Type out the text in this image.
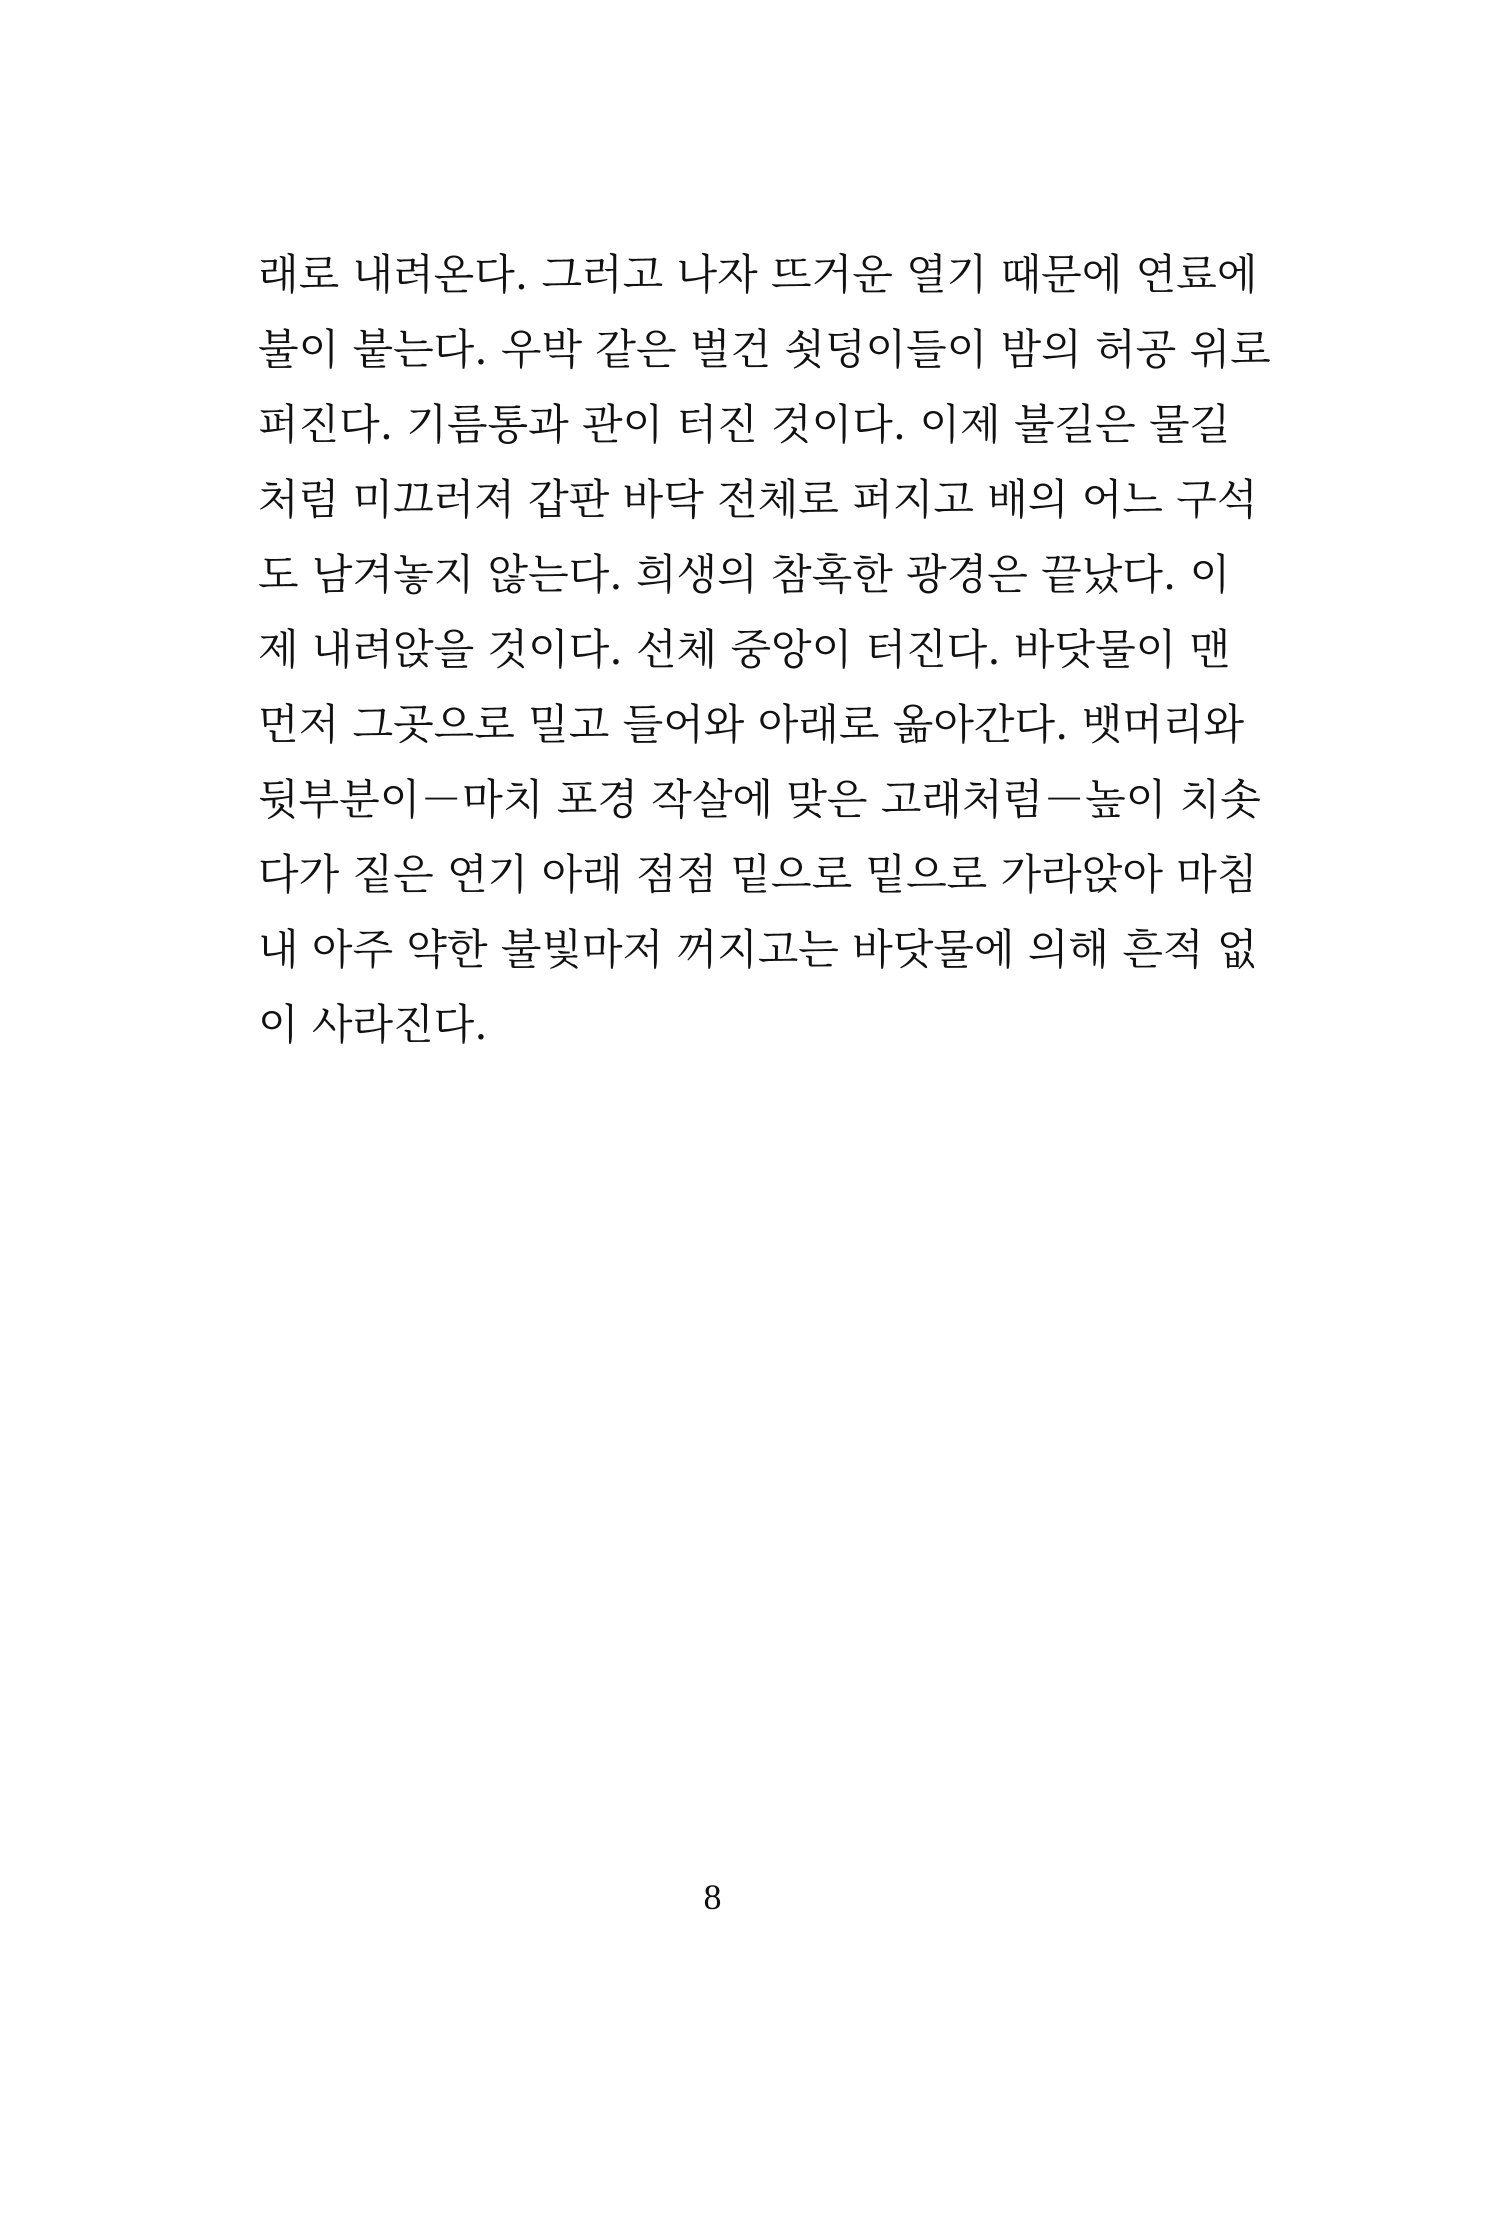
래로 내려온다. 그러고 나자 뜨거운 열기 때문에 연료에
불이 붙는다. 우박 같은 벌건 쇳덩이들이 밤의 허공 위로
퍼진다. 기름통과 관이 터진 것이다. 이제 불길은 물길
처럼 미끄러져 갑판 바닥 전체로 퍼지고 배의 어느 구석
도 남겨놓지 않는다. 희생의 참혹한 광경은 끝났다. 이
제 내려앉을 것이다. 선체 중앙이 터진다. 바닷물이 맨
먼저 그곳으로 밀고 들어와 아래로 옮아간다. 뱃머리와
뒷부분이－마치 포경 작살에 맞은 고래처럼－높이 치솟
다가 짙은 연기 아래 점점 밑으로 밑으로 가라앉아 마침
내 아주 약한 불빛마저 꺼지고는 바닷물에 의해 흔적 없
이 사라진다.
8
